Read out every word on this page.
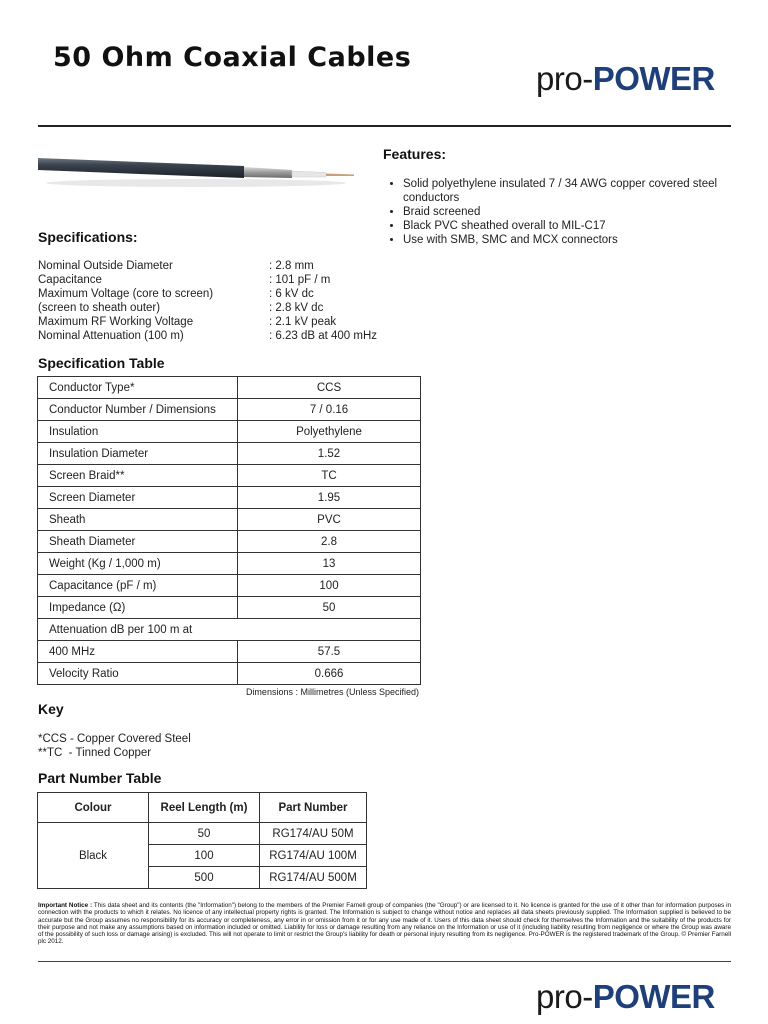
50 Ohm Coaxial Cables
pro-POWER
Features:
• Solid polyethylene insulated 7 / 34 AWG copper covered steel conductors
• Braid screened
• Black PVC sheathed overall to MIL-C17
• Use with SMB, SMC and MCX connectors
Specifications:
Nominal Outside Diameter	: 2.8 mm
Capacitance	: 101 pF / m
Maximum Voltage (core to screen)	: 6 kV dc
(screen to sheath outer)	: 2.8 kV dc
Maximum RF Working Voltage	: 2.1 kV peak
Nominal Attenuation (100 m)	: 6.23 dB at 400 mHz
Specification Table
Conductor Type*	CCS
Conductor Number / Dimensions	7 / 0.16
Insulation	Polyethylene
Insulation Diameter	1.52
Screen Braid**	TC
Screen Diameter	1.95
Sheath	PVC
Sheath Diameter	2.8
Weight (Kg / 1,000 m)	13
Capacitance (pF / m)	100
Impedance (Ω)	50
Attenuation dB per 100 m at	
400 MHz	57.5
Velocity Ratio	0.666
Dimensions : Millimetres (Unless Specified)
Key
*CCS - Copper Covered Steel
**TC  - Tinned Copper
Part Number Table
Colour	Reel Length (m)	Part Number
Black	50	RG174/AU 50M
	100	RG174/AU 100M
	500	RG174/AU 500M
Important Notice : This data sheet and its contents (the "Information") belong to the members of the Premier Farnell group of companies (the "Group") or are licensed to it. No licence is granted for the use of it other than for information purposes in connection with the products to which it relates. No licence of any intellectual property rights is granted. The Information is subject to change without notice and replaces all data sheets previously supplied. The Information supplied is believed to be accurate but the Group assumes no responsibility for its accuracy or completeness, any error in or omission from it or for any use made of it. Users of this data sheet should check for themselves the Information and the suitability of the products for their purpose and not make any assumptions based on information included or omitted. Liability for loss or damage resulting from any reliance on the Information or use of it (including liability resulting from negligence or where the Group was aware of the possibility of such loss or damage arising) is excluded. This will not operate to limit or restrict the Group's liability for death or personal injury resulting from its negligence. Pro-POWER is the registered trademark of the Group. © Premier Farnell plc 2012.
pro-POWER
